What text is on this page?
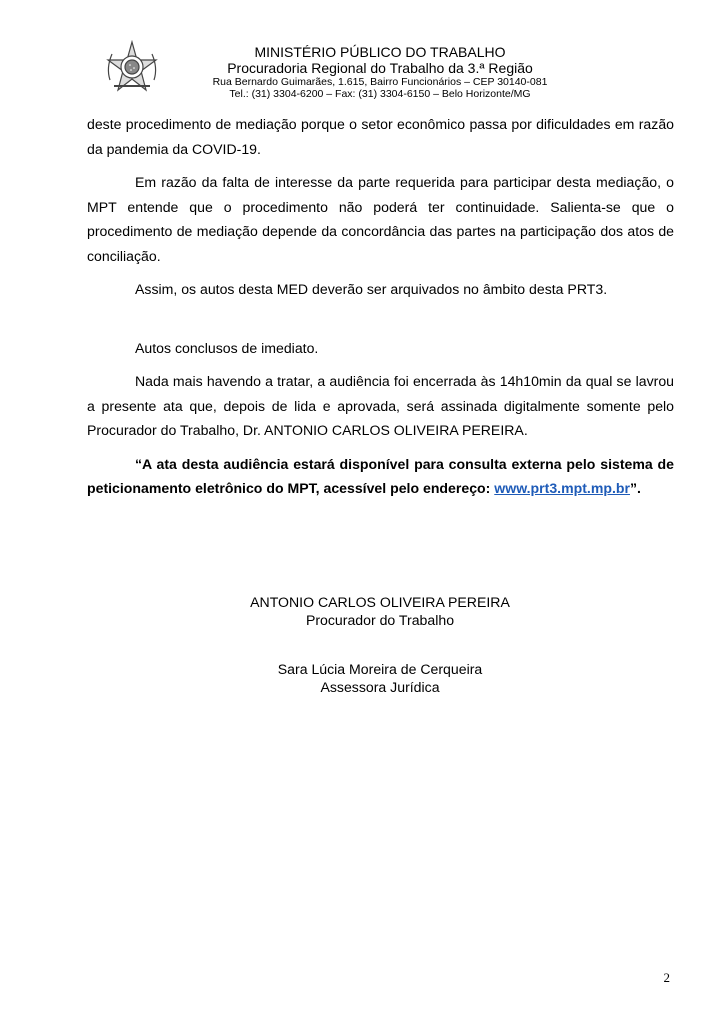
MINISTÉRIO PÚBLICO DO TRABALHO
Procuradoria Regional do Trabalho da 3.ª Região
Rua Bernardo Guimarães, 1.615, Bairro Funcionários – CEP 30140-081
Tel.: (31) 3304-6200 – Fax: (31) 3304-6150 – Belo Horizonte/MG

deste procedimento de mediação porque o setor econômico passa por dificuldades em razão da pandemia da COVID-19.

Em razão da falta de interesse da parte requerida para participar desta mediação, o MPT entende que o procedimento não poderá ter continuidade. Salienta-se que o procedimento de mediação depende da concordância das partes na participação dos atos de conciliação.

Assim, os autos desta MED deverão ser arquivados no âmbito desta PRT3.

Autos conclusos de imediato.

Nada mais havendo a tratar, a audiência foi encerrada às 14h10min da qual se lavrou a presente ata que, depois de lida e aprovada, será assinada digitalmente somente pelo Procurador do Trabalho, Dr. ANTONIO CARLOS OLIVEIRA PEREIRA.

“A ata desta audiência estará disponível para consulta externa pelo sistema de peticionamento eletrônico do MPT, acessível pelo endereço: www.prt3.mpt.mp.br”.

ANTONIO CARLOS OLIVEIRA PEREIRA
Procurador do Trabalho
Sara Lúcia Moreira de Cerqueira
Assessora Jurídica
2
